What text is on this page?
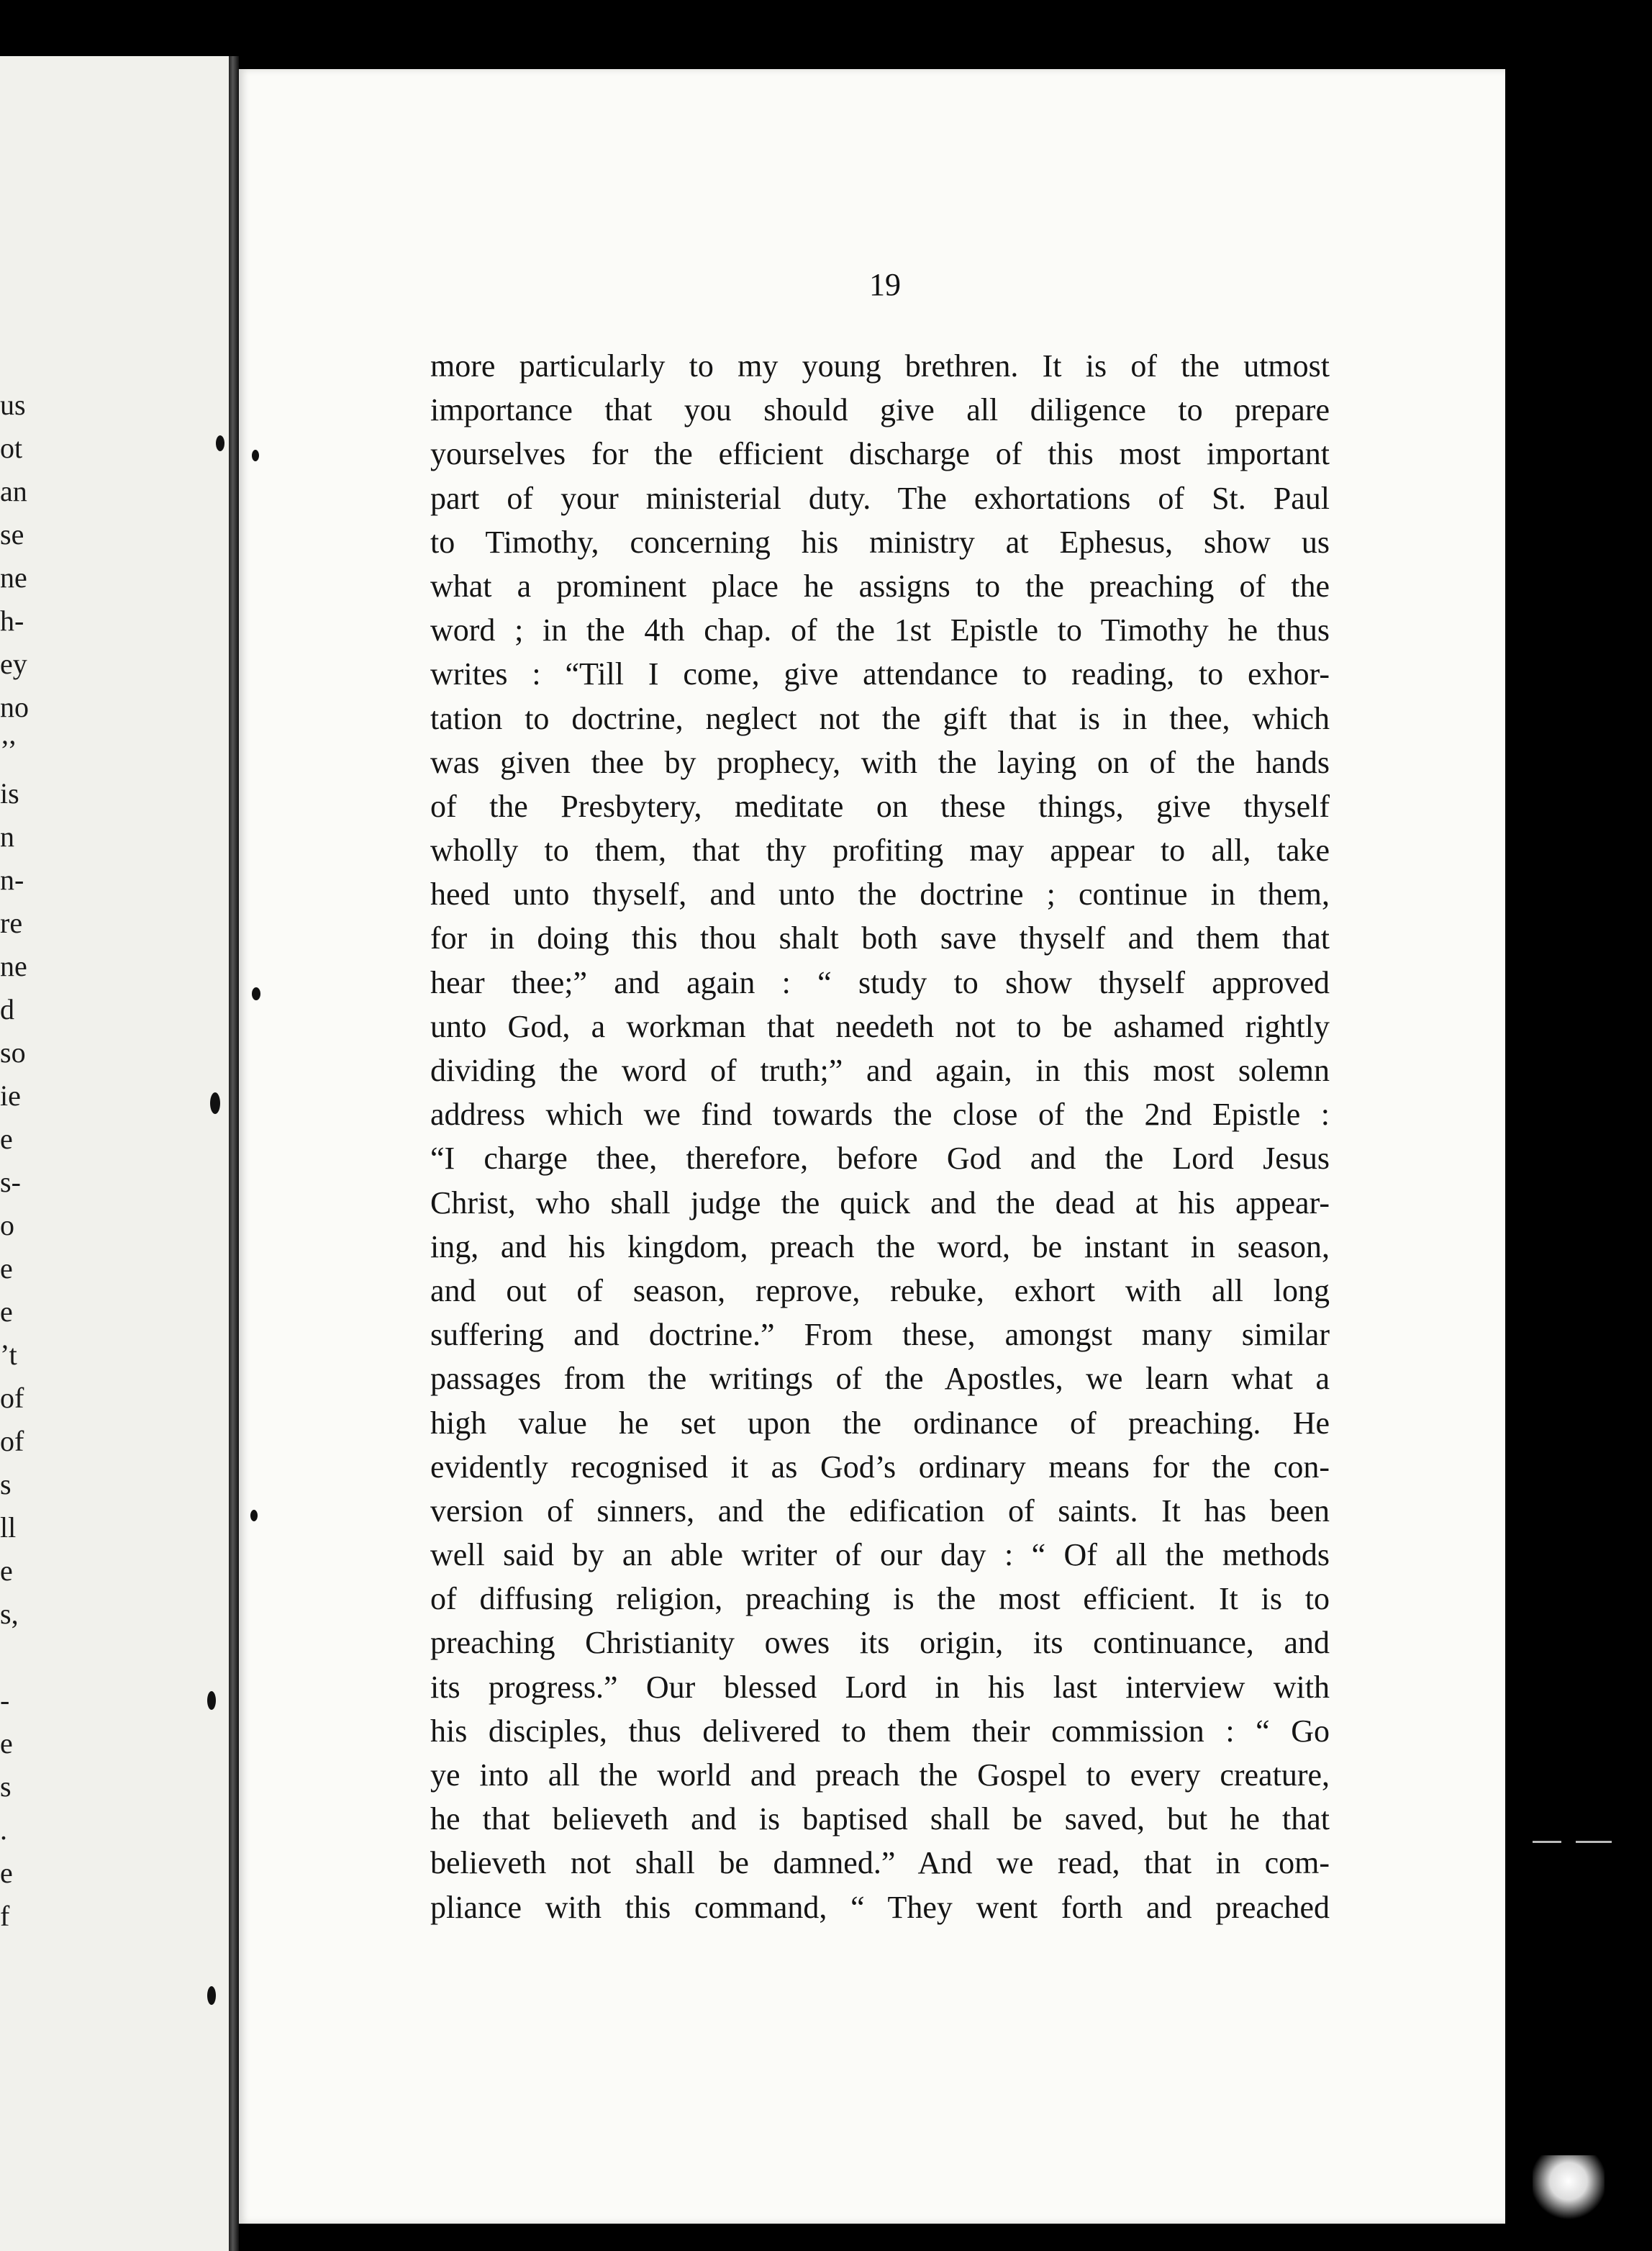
us
ot
an
se
ne
h-
ey
no
’’
is
n
n-
re
ne
d
so
ie
e
s-
o
e
e
’t
of
of
s
ll
e
s,
-
e
s
.
e
f
19
more particularly to my young brethren. It is of the utmost
importance that you should give all diligence to prepare
yourselves for the efficient discharge of this most important
part of your ministerial duty. The exhortations of St. Paul
to Timothy, concerning his ministry at Ephesus, show us
what a prominent place he assigns to the preaching of the
word ; in the 4th chap. of the 1st Epistle to Timothy he thus
writes : “Till I come, give attendance to reading, to exhor-
tation to doctrine, neglect not the gift that is in thee, which
was given thee by prophecy, with the laying on of the hands
of the Presbytery, meditate on these things, give thyself
wholly to them, that thy profiting may appear to all, take
heed unto thyself, and unto the doctrine ; continue in them,
for in doing this thou shalt both save thyself and them that
hear thee;” and again : “ study to show thyself approved
unto God, a workman that needeth not to be ashamed rightly
dividing the word of truth;” and again, in this most solemn
address which we find towards the close of the 2nd Epistle :
“I charge thee, therefore, before God and the Lord Jesus
Christ, who shall judge the quick and the dead at his appear-
ing, and his kingdom, preach the word, be instant in season,
and out of season, reprove, rebuke, exhort with all long
suffering and doctrine.” From these, amongst many similar
passages from the writings of the Apostles, we learn what a
high value he set upon the ordinance of preaching. He
evidently recognised it as God’s ordinary means for the con-
version of sinners, and the edification of saints. It has been
well said by an able writer of our day : “ Of all the methods
of diffusing religion, preaching is the most efficient. It is to
preaching Christianity owes its origin, its continuance, and
its progress.” Our blessed Lord in his last interview with
his disciples, thus delivered to them their commission : “ Go
ye into all the world and preach the Gospel to every creature,
he that believeth and is baptised shall be saved, but he that
believeth not shall be damned.” And we read, that in com-
pliance with this command, “ They went forth and preached
